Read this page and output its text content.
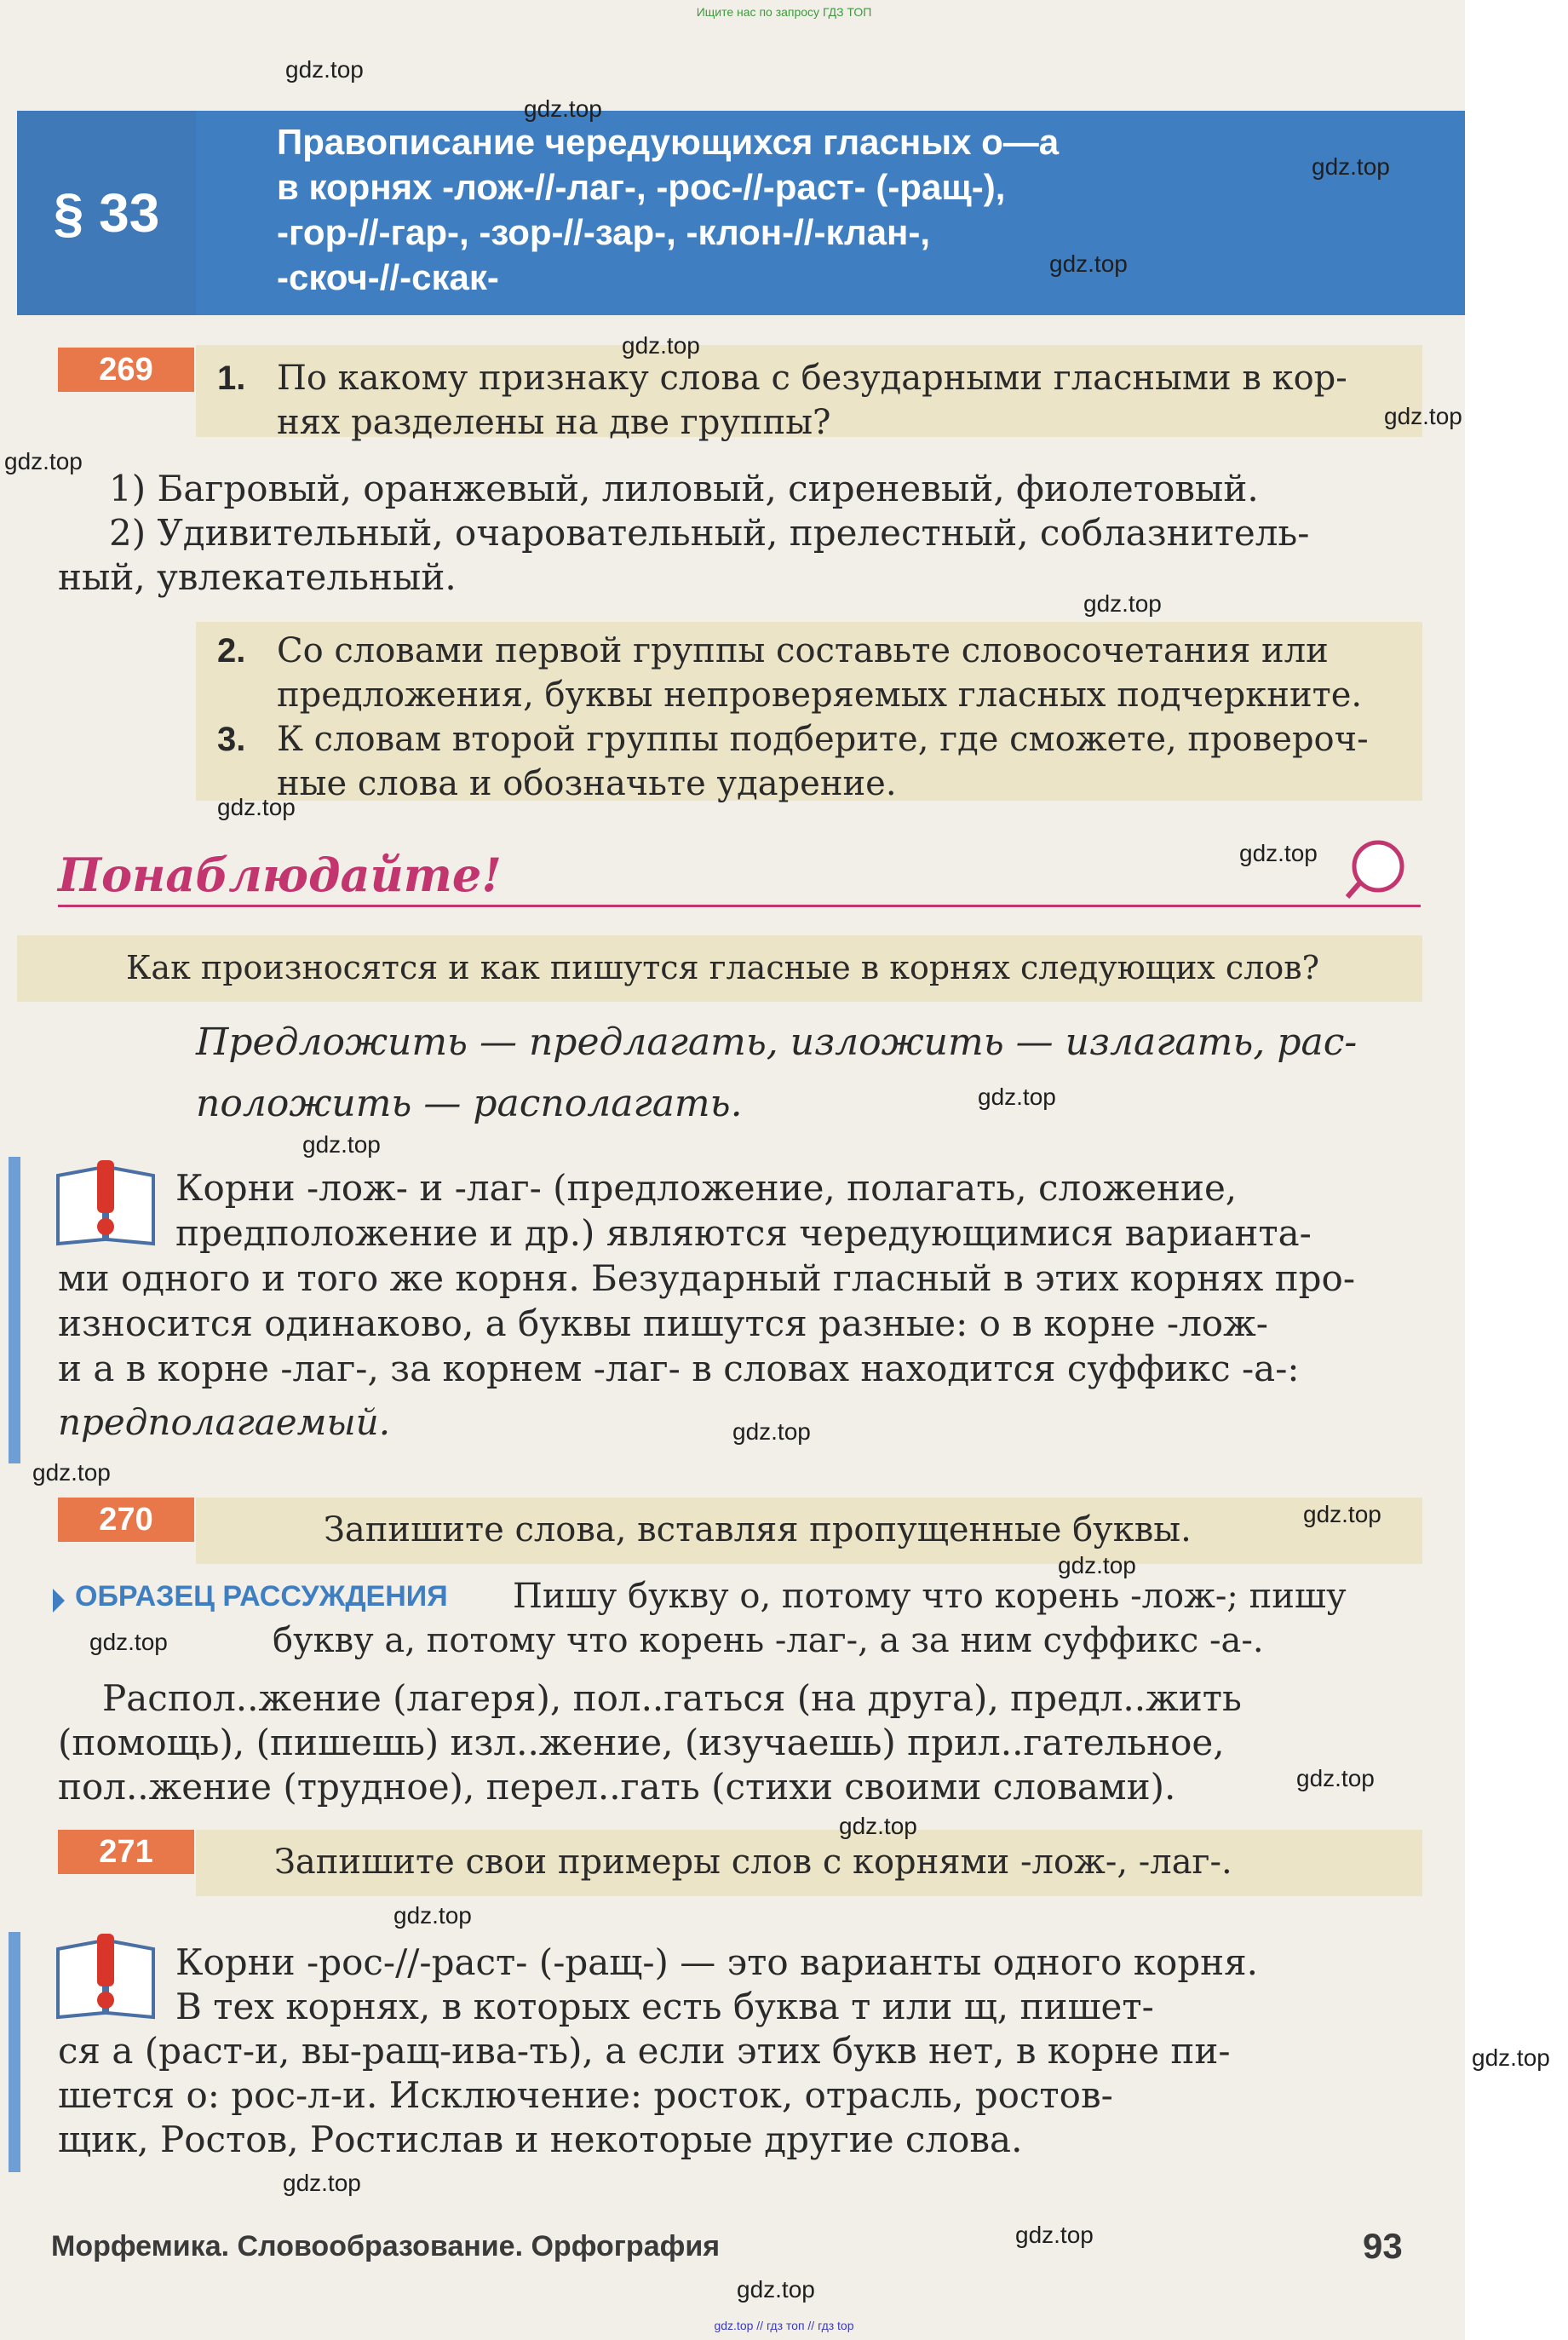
Ищите нас по запросу ГДЗ ТОП
§ 33
Правописание чередующихся гласных о—а
в корнях -лож-//-лаг-, -рос-//-раст- (-ращ-),
-гор-//-гар-, -зор-//-зар-, -клон-//-клан-,
-скоч-//-скак-
269	1. По какому признаку слова с безударными гласными в кор-
нях разделены на две группы?
1) Багровый, оранжевый, лиловый, сиреневый, фиолетовый.
2) Удивительный, очаровательный, прелестный, соблазнитель-
ный, увлекательный.
2. Со словами первой группы составьте словосочетания или
предложения, буквы непроверяемых гласных подчеркните.
3. К словам второй группы подберите, где сможете, провероч-
ные слова и обозначьте ударение.
Понаблюдайте!
Как произносятся и как пишутся гласные в корнях следующих слов?
Предложить — предлагать, изложить — излагать, рас-
положить — располагать.
Корни -лож- и -лаг- (предложение, полагать, сложение,
предположение и др.) являются чередующимися варианта-
ми одного и того же корня. Безударный гласный в этих корнях про-
износится одинаково, а буквы пишутся разные: о в корне -лож-
и а в корне -лаг-, за корнем -лаг- в словах находится суффикс -а-:
предполагаемый.
270	Запишите слова, вставляя пропущенные буквы.
ОБРАЗЕЦ РАССУЖДЕНИЯ	Пишу букву о, потому что корень -лож-; пишу
букву а, потому что корень -лаг-, а за ним суффикс -а-.
Распол..жение (лагеря), пол..гаться (на друга), предл..жить
(помощь), (пишешь) изл..жение, (изучаешь) прил..гательное,
пол..жение (трудное), перел..гать (стихи своими словами).
271	Запишите свои примеры слов с корнями -лож-, -лаг-.
Корни -рос-//-раст- (-ращ-) — это варианты одного корня.
В тех корнях, в которых есть буква т или щ, пишет-
ся а (раст-и, вы-ращ-ива-ть), а если этих букв нет, в корне пи-
шется о: рос-л-и. Исключение: росток, отрасль, ростов-
щик, Ростов, Ростислав и некоторые другие слова.
Морфемика. Словообразование. Орфография	93
gdz.top
gdz.top
gdz.top
gdz.top
gdz.top
gdz.top
gdz.top
gdz.top
gdz.top
gdz.top
gdz.top
gdz.top
gdz.top
gdz.top
gdz.top
gdz.top
gdz.top
gdz.top
gdz.top
gdz.top
gdz.top
gdz.top
gdz.top
gdz.top
gdz.top // гдз топ // гдз top
